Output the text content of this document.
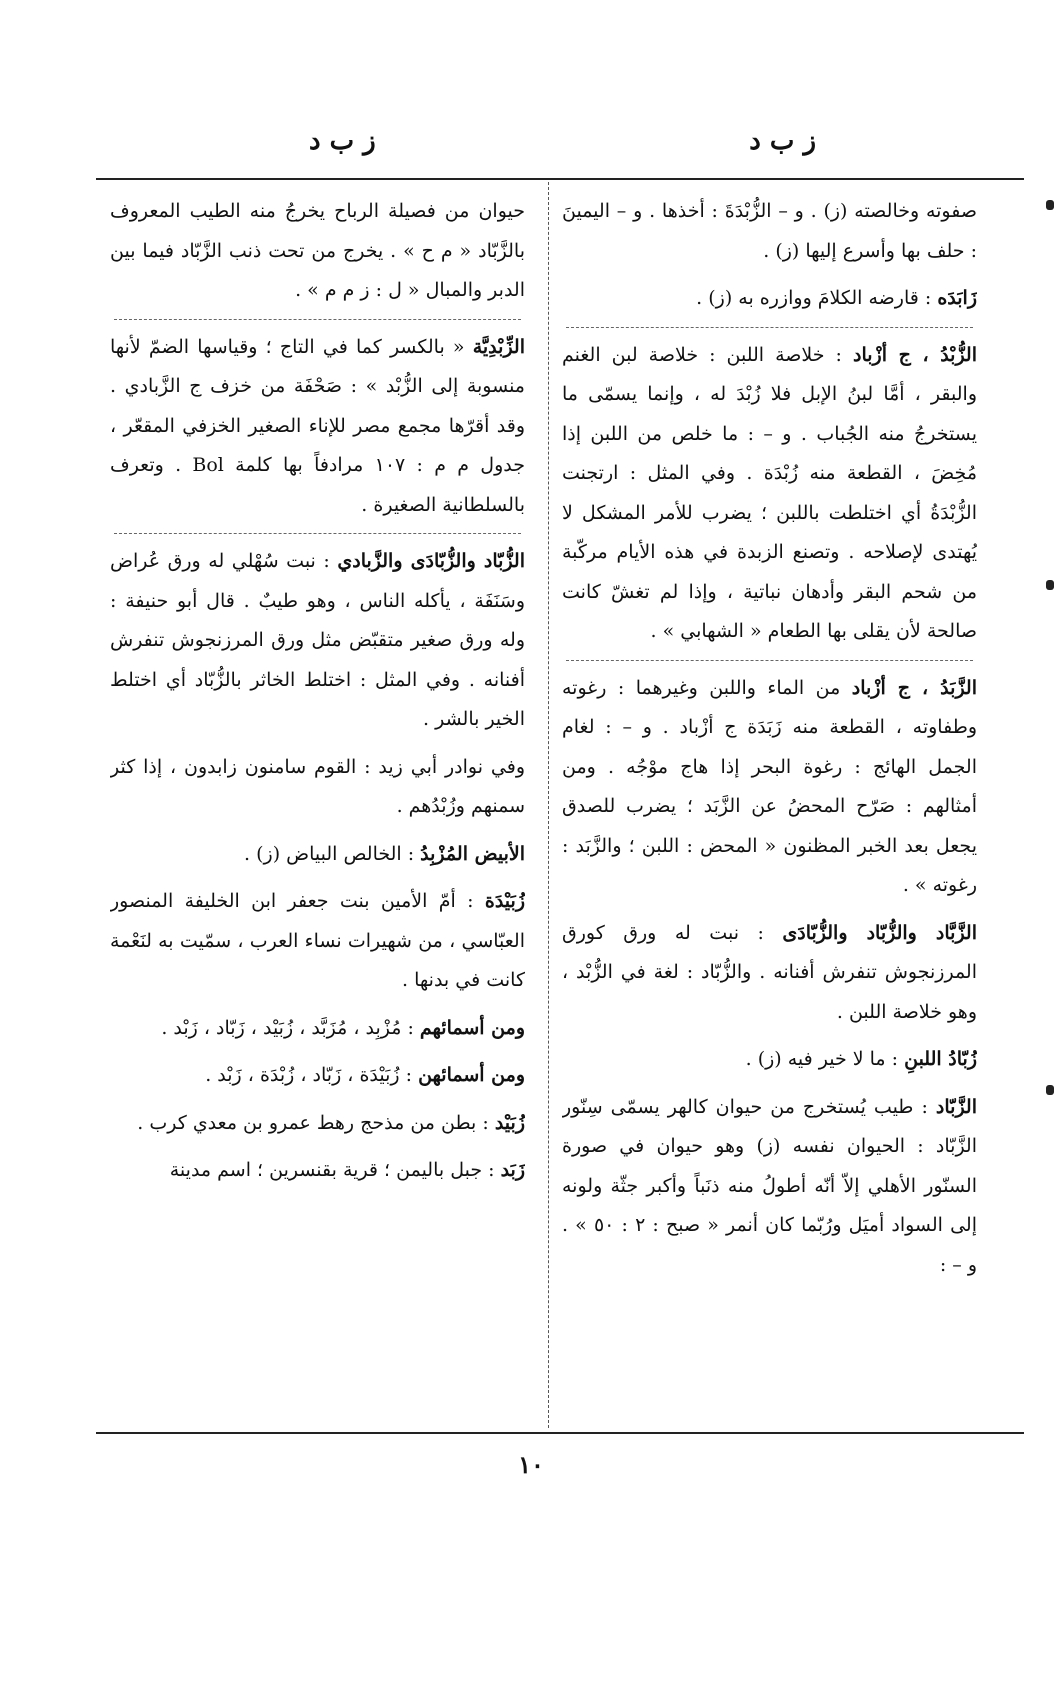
ز ب د
ز ب د
صفوته وخالصته (ز) . و – الزُّبْدَةَ : أخذها . و – اليمينَ : حلف بها وأسرع إليها (ز) .
زَابَدَه : قارضه الكلامَ ووازره به (ز) .
الزُّبْدُ ، ج أزْباد : خلاصة اللبن : خلاصة لبن الغنم والبقر ، أمَّا لبنُ الإبل فلا زُبْدَ له ، وإنما يسمّى ما يستخرجُ منه الجُباب . و – : ما خلص من اللبن إذا مُخِضَ ، القطعة منه زُبْدَة . وفي المثل : ارتجنت الزُّبْدَةُ أي اختلطت باللبن ؛ يضرب للأمر المشكل لا يُهتدى لإصلاحه . وتصنع الزبدة في هذه الأيام مركّبة من شحم البقر وأدهان نباتية ، وإذا لم تغشّ كانت صالحة لأن يقلى بها الطعام « الشهابي » .
الزَّبَدُ ، ج أزْباد من الماء واللبن وغيرهما : رغوته وطفاوته ، القطعة منه زَبَدَة ج أزْباد . و – : لغام الجمل الهائج : رغوة البحر إذا هاج موْجُه . ومن أمثالهم : صَرّح المحضُ عن الزَّبَد ؛ يضرب للصدق يجعل بعد الخبر المظنون « المحض : اللبن ؛ والزَّبَد : رغوته » .
الزَّبَّاد والزُّبّاد والزُّبّادَى : نبت له ورق كورق المرزنجوش تنفرش أفنانه . والزُّبّاد : لغة في الزُّبْد ، وهو خلاصة اللبن .
زُبّادُ اللبنِ : ما لا خير فيه (ز) .
الزَّبّاد : طيب يُستخرج من حيوان كالهر يسمّى سِنّور الزَّبّاد : الحيوان نفسه (ز) وهو حيوان في صورة السنّور الأهلي إلاّ أنّه أطولُ منه ذنَباً وأكبر جثّة ولونه إلى السواد أميَل ورُبّما كان أنمر « صبح : ٢ : ٥٠ » . و – :
حيوان من فصيلة الرباح يخرجُ منه الطيب المعروف بالزَّبّاد « م ح » . يخرج من تحت ذنب الزَّبّاد فيما بين الدبر والمبال « ل : ز م م » .
الزِّبْدِيَّة « بالكسر كما في التاج ؛ وقياسها الضمّ لأنها منسوبة إلى الزُّبْد » : صَحْفَة من خزف ج الزَّبادي . وقد أقرّها مجمع مصر للإناء الصغير الخزفي المقعّر ، جدول م م : ١٠٧ مرادفاً بها كلمة Bol . وتعرف بالسلطانية الصغيرة .
الزُّبّاد والزُّبّادَى والزَّبادي : نبت سُهْلي له ورق عُراض وسَنَفَة ، يأكله الناس ، وهو طيبٌ . قال أبو حنيفة : وله ورق صغير متقبّض مثل ورق المرزنجوش تنفرش أفنانه . وفي المثل : اختلط الخاثر بالزُّبّاد أي اختلط الخير بالشر .
وفي نوادر أبي زيد : القوم سامنون زابدون ، إذا كثر سمنهم وزُبْدُهم .
الأبيض المُزْبِدُ : الخالص البياض (ز) .
زُبَيْدَة : أمّ الأمين بنت جعفر ابن الخليفة المنصور العبّاسي ، من شهيرات نساء العرب ، سمّيت به لنَعْمة كانت في بدنها .
ومن أسمائهم : مُزْبِد ، مُزَبَّد ، زُبَيْد ، زَبّاد ، زَبْد .
ومن أسمائهن : زُبَيْدَة ، زَبّاد ، زُبْدَة ، زَبْد .
زُبَيْد : بطن من مذحج رهط عمرو بن معدي كرب .
زَبَد : جبل باليمن ؛ قرية بقنسرين ؛ اسم مدينة
١٠
